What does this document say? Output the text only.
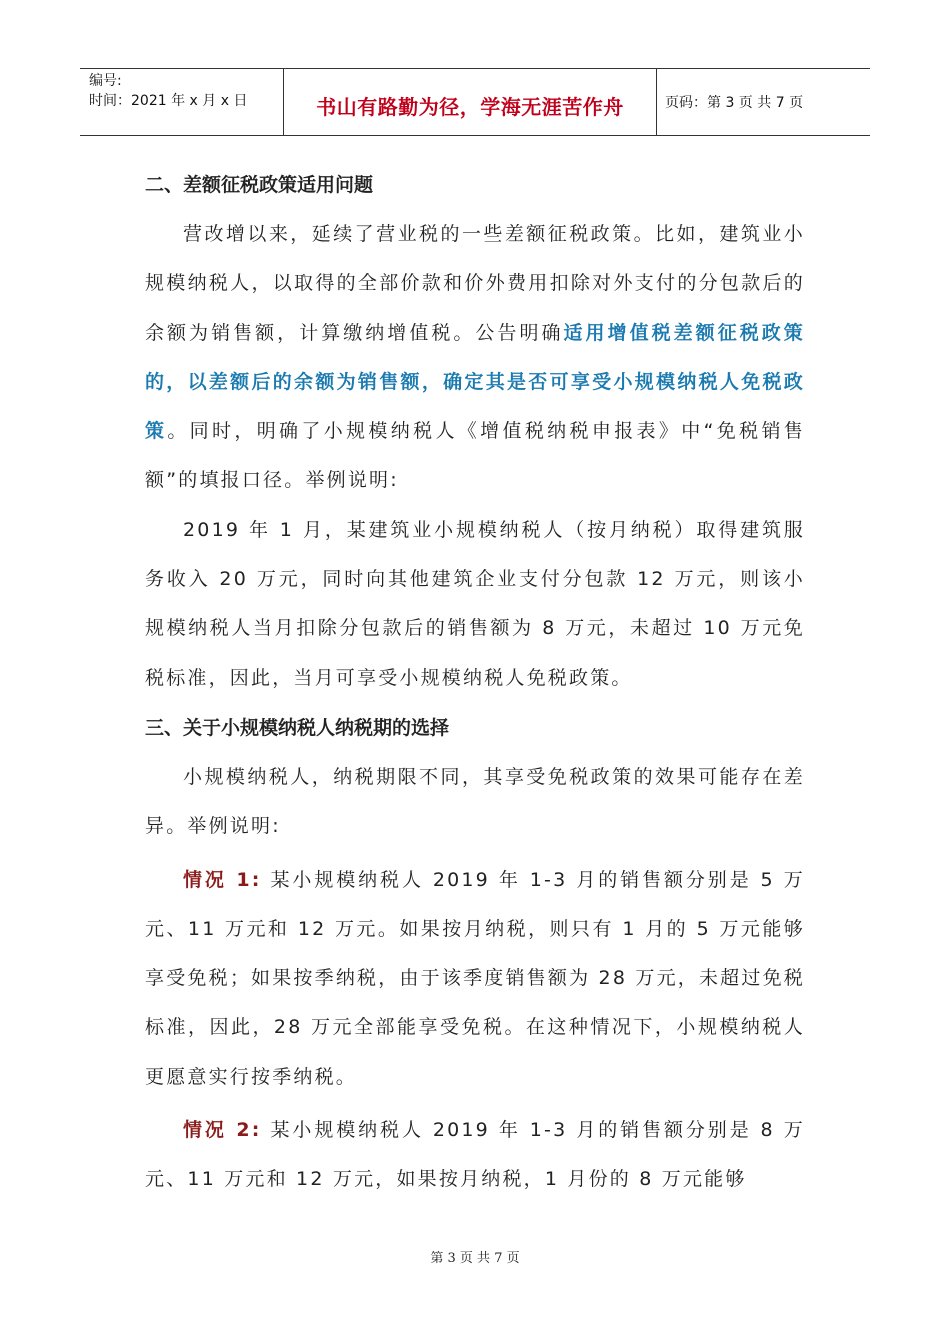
编号:
时间：2021 年 x 月 x 日	书山有路勤为径，学海无涯苦作舟	页码：第 3 页 共 7 页
二、差额征税政策适用问题

营改增以来，延续了营业税的一些差额征税政策。比如，建筑业小规模纳税人，以取得的全部价款和价外费用扣除对外支付的分包款后的余额为销售额，计算缴纳增值税。公告明确适用增值税差额征税政策的，以差额后的余额为销售额，确定其是否可享受小规模纳税人免税政策。同时，明确了小规模纳税人《增值税纳税申报表》中“免税销售额”的填报口径。举例说明:

2019 年 1 月，某建筑业小规模纳税人（按月纳税）取得建筑服务收入 20 万元，同时向其他建筑企业支付分包款 12 万元，则该小规模纳税人当月扣除分包款后的销售额为 8 万元，未超过 10 万元免税标准，因此，当月可享受小规模纳税人免税政策。

三、关于小规模纳税人纳税期的选择

小规模纳税人，纳税期限不同，其享受免税政策的效果可能存在差异。举例说明:

情况 1: 某小规模纳税人 2019 年 1-3 月的销售额分别是 5 万元、11 万元和 12 万元。如果按月纳税，则只有 1 月的 5 万元能够享受免税；如果按季纳税，由于该季度销售额为 28 万元，未超过免税标准，因此，28 万元全部能享受免税。在这种情况下，小规模纳税人更愿意实行按季纳税。

情况 2: 某小规模纳税人 2019 年 1-3 月的销售额分别是 8 万元、11 万元和 12 万元，如果按月纳税，1 月份的 8 万元能够

第 3 页 共 7 页
